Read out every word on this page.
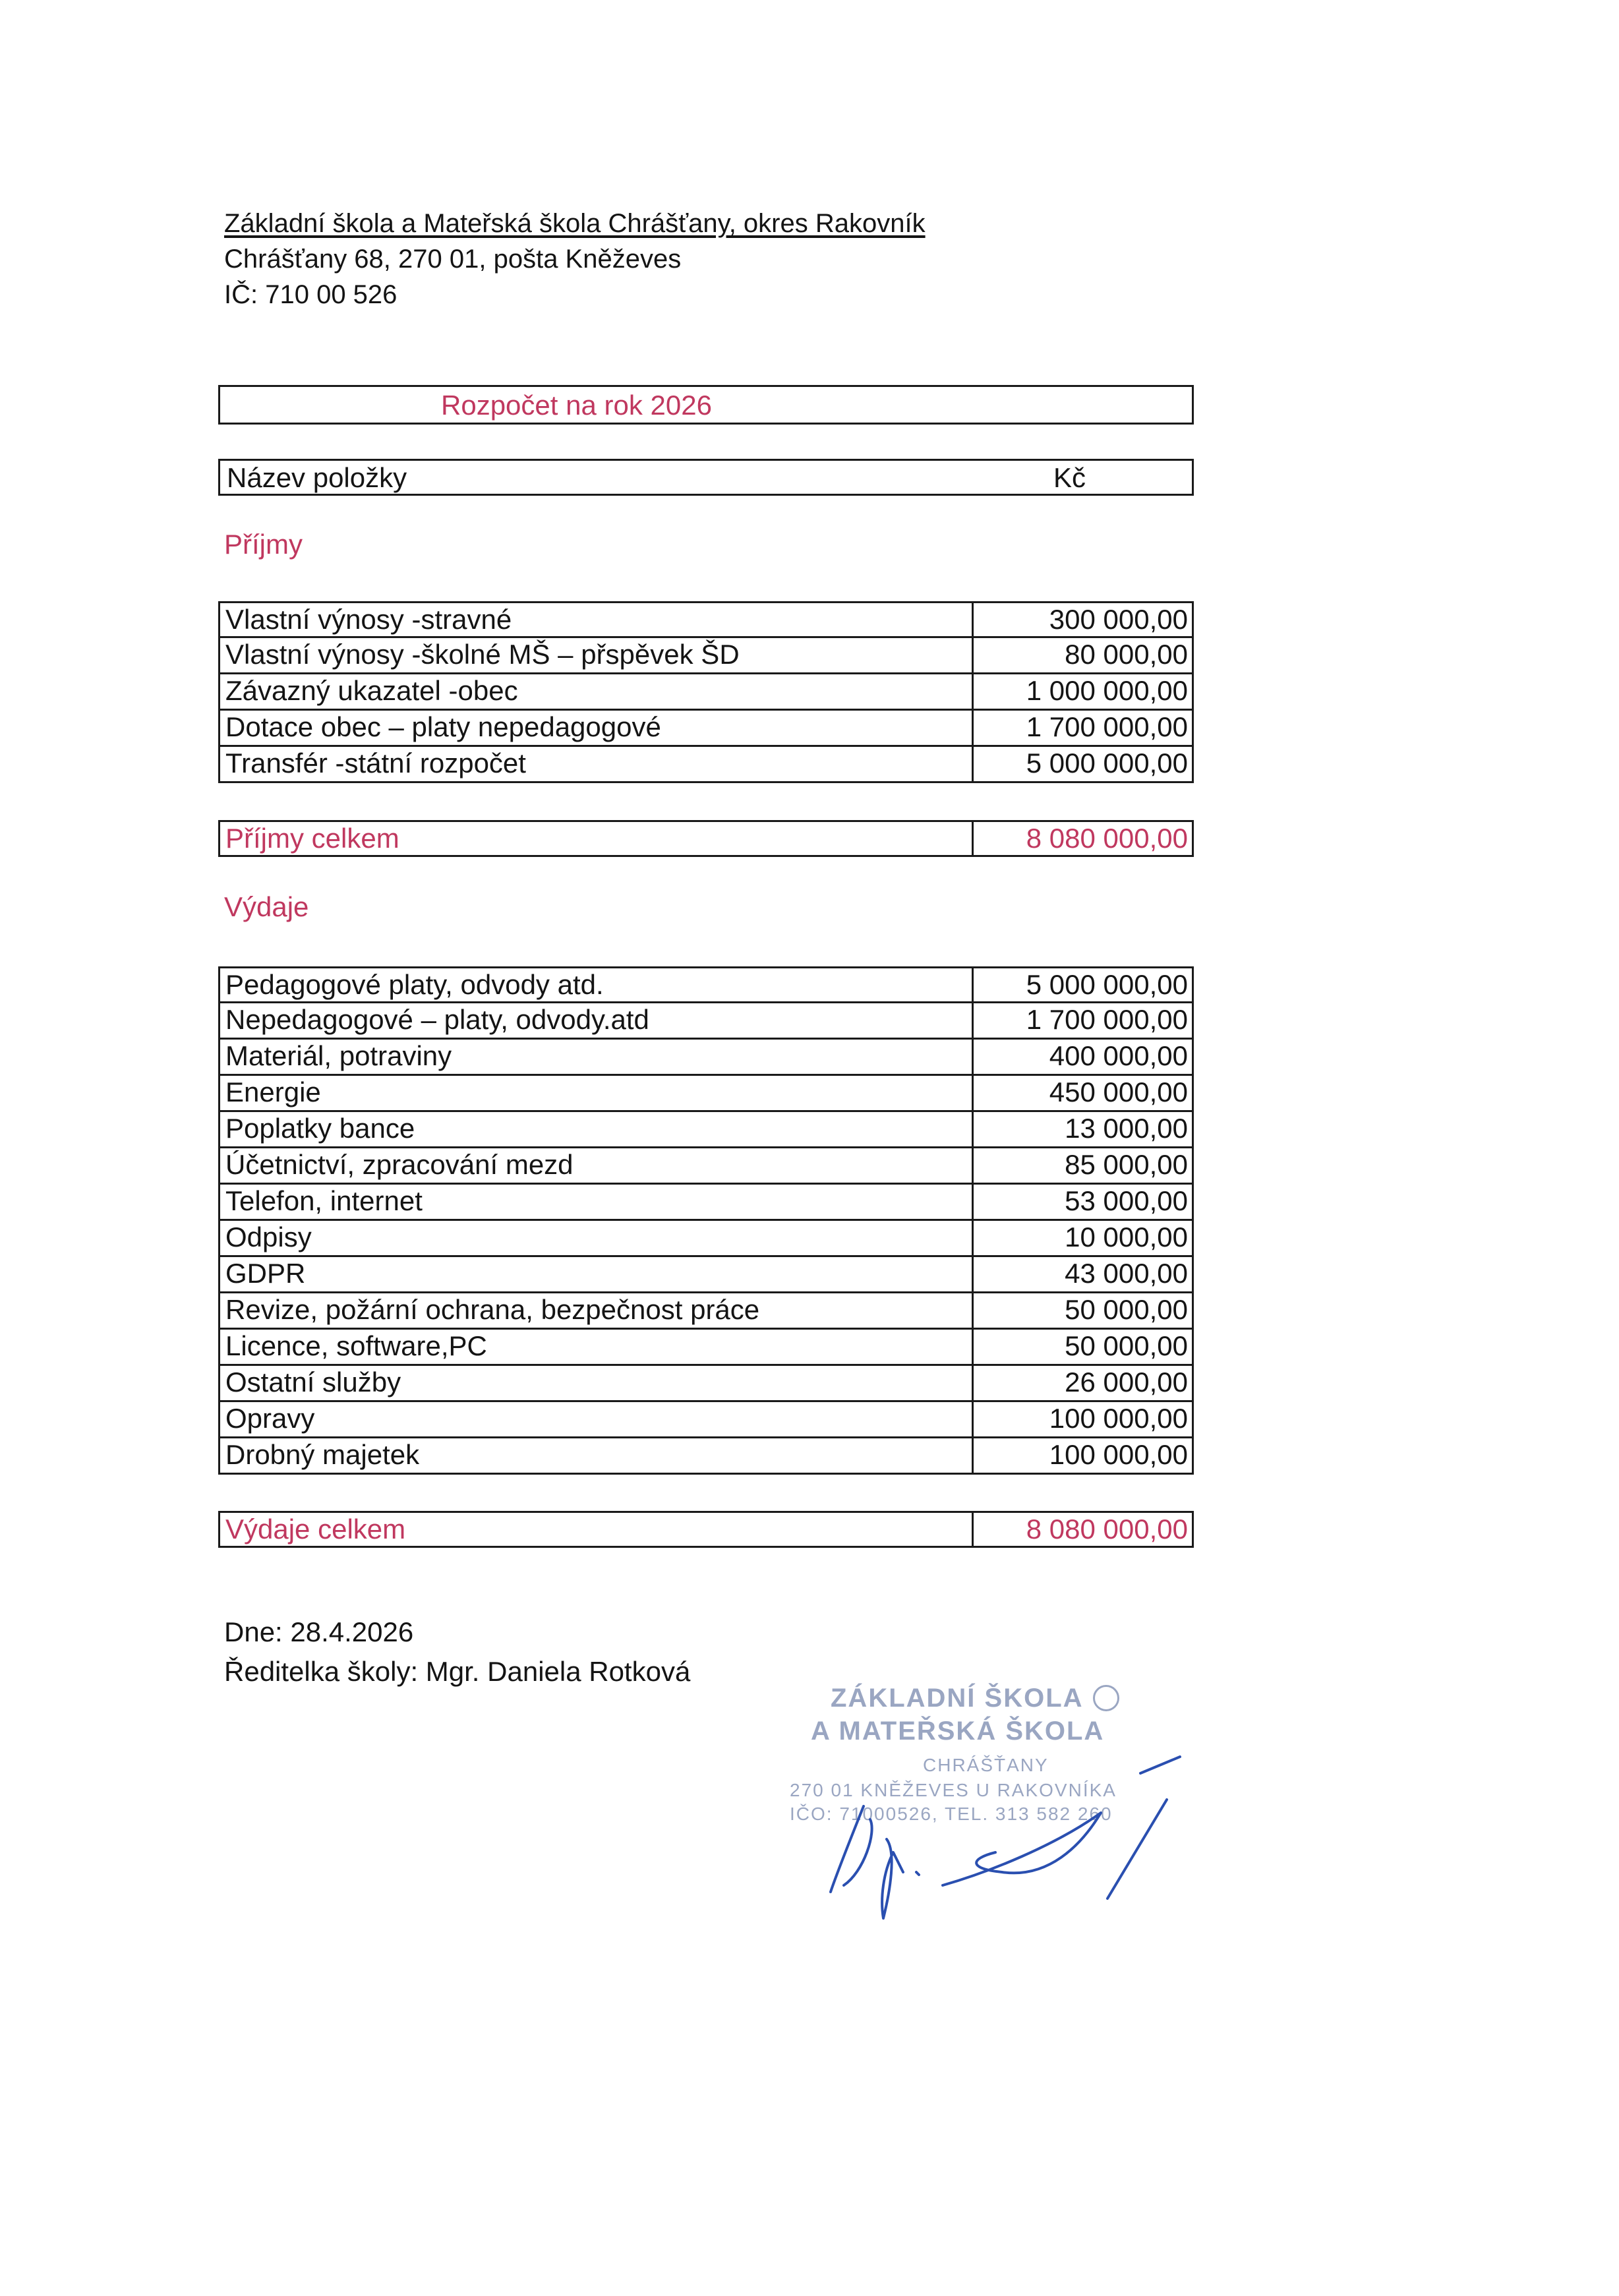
Základní škola a Mateřská škola Chrášťany, okres Rakovník
Chrášťany 68, 270 01, pošta Kněževes
IČ: 710 00 526
Rozpočet na rok 2026
Název položky	Kč
Příjmy
Vlastní výnosy -stravné	300 000,00
Vlastní výnosy -školné MŠ – přspěvek ŠD	80 000,00
Závazný ukazatel -obec	1 000 000,00
Dotace obec – platy nepedagogové	1 700 000,00
Transfér -státní rozpočet	5 000 000,00
Příjmy celkem	8 080 000,00
Výdaje
Pedagogové platy, odvody atd.	5 000 000,00
Nepedagogové – platy, odvody.atd	1 700 000,00
Materiál, potraviny	400 000,00
Energie	450 000,00
Poplatky bance	13 000,00
Účetnictví, zpracování mezd	85 000,00
Telefon, internet	53 000,00
Odpisy	10 000,00
GDPR	43 000,00
Revize, požární ochrana, bezpečnost práce	50 000,00
Licence, software,PC	50 000,00
Ostatní služby	26 000,00
Opravy	100 000,00
Drobný majetek	100 000,00
Výdaje celkem	8 080 000,00
Dne: 28.4.2026
Ředitelka školy: Mgr. Daniela Rotková
ZÁKLADNÍ ŠKOLA
A MATEŘSKÁ ŠKOLA
CHRÁŠŤANY
270 01 KNĚŽEVES U RAKOVNÍKA
IČO: 71000526, TEL. 313 582 260
